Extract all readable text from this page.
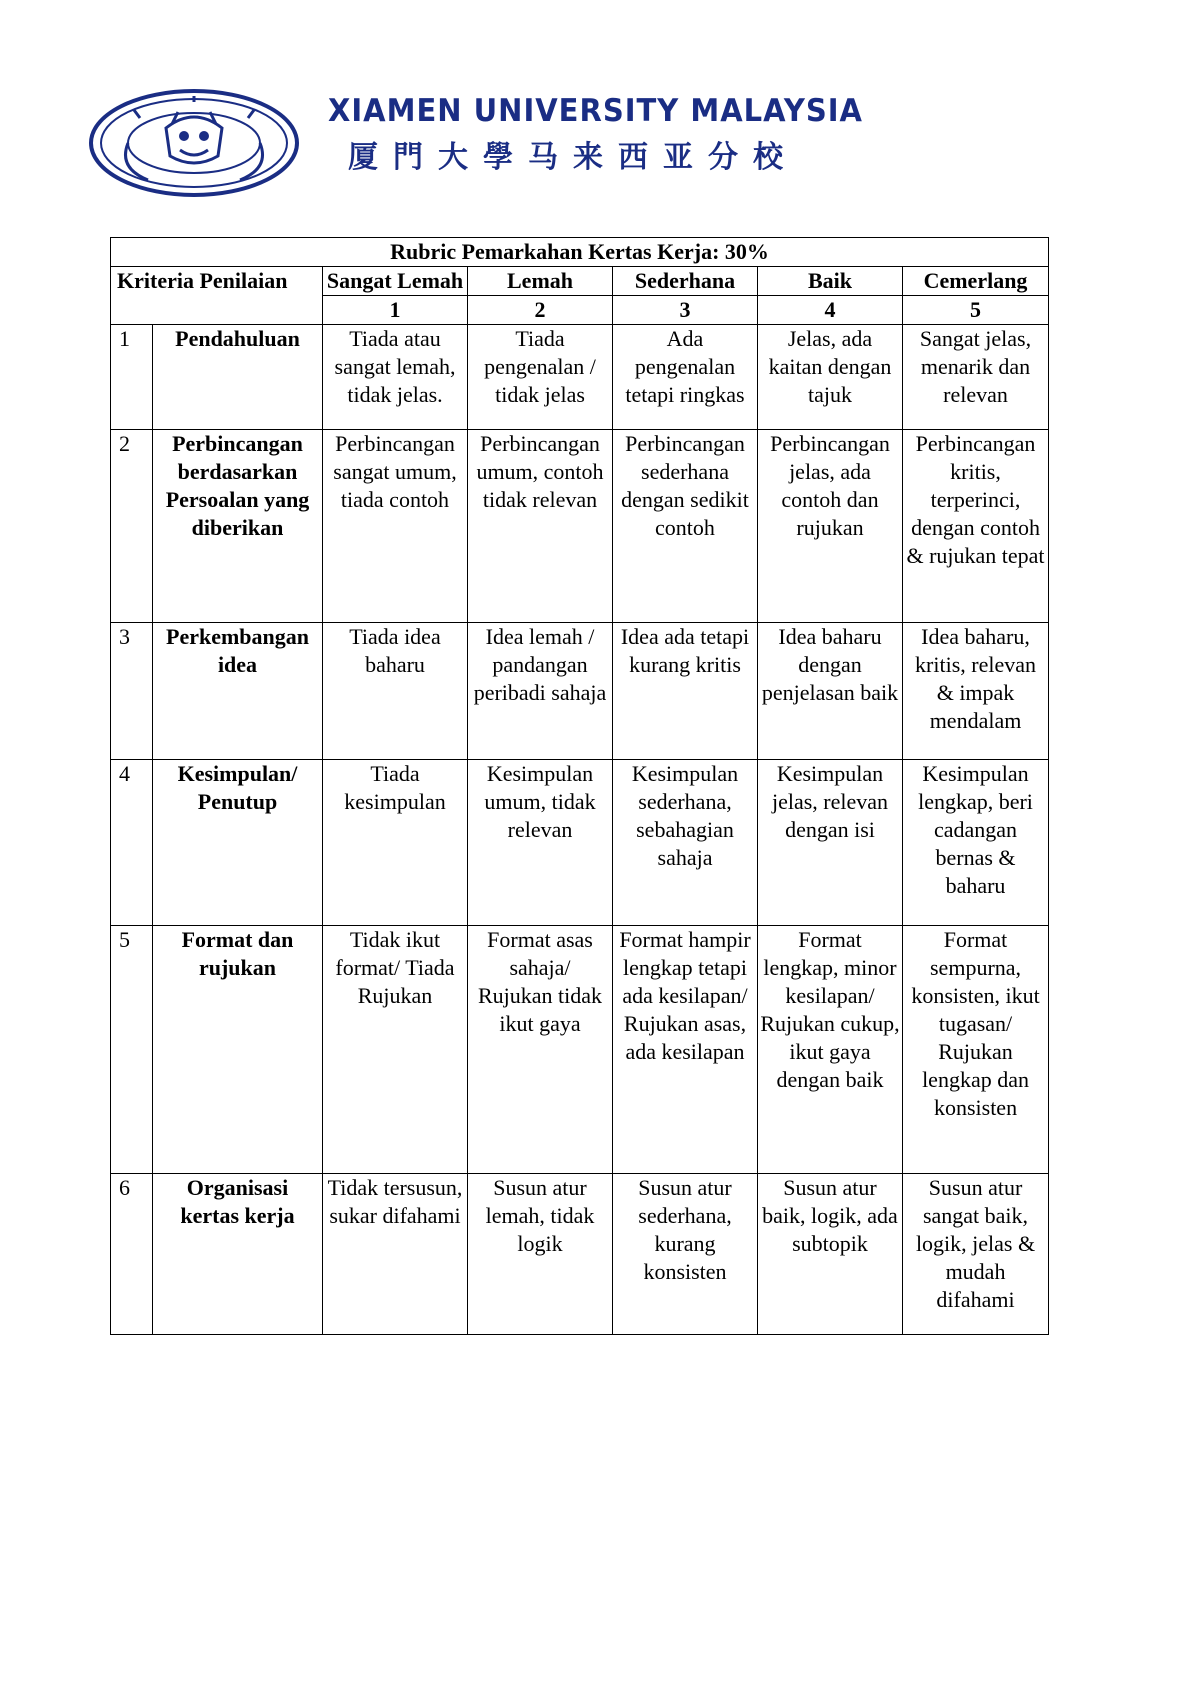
XIAMEN UNIVERSITY MALAYSIA
厦門大學马来西亚分校
Rubric Pemarkahan Kertas Kerja: 30%						
Kriteria Penilaian		Sangat Lemah	Lemah	Sederhana	Baik	Cemerlang
		1	2	3	4	5
1	Pendahuluan	Tiada atau sangat lemah, tidak jelas.	Tiada pengenalan / tidak jelas	Ada pengenalan tetapi ringkas	Jelas, ada kaitan dengan tajuk	Sangat jelas, menarik dan relevan
2	Perbincangan berdasarkan Persoalan yang diberikan	Perbincangan sangat umum, tiada contoh	Perbincangan umum, contoh tidak relevan	Perbincangan sederhana dengan sedikit contoh	Perbincangan jelas, ada contoh dan rujukan	Perbincangan kritis, terperinci, dengan contoh & rujukan tepat
3	Perkembangan idea	Tiada idea baharu	Idea lemah / pandangan peribadi sahaja	Idea ada tetapi kurang kritis	Idea baharu dengan penjelasan baik	Idea baharu, kritis, relevan & impak mendalam
4	Kesimpulan/ Penutup	Tiada kesimpulan	Kesimpulan umum, tidak relevan	Kesimpulan sederhana, sebahagian sahaja	Kesimpulan jelas, relevan dengan isi	Kesimpulan lengkap, beri cadangan bernas & baharu
5	Format dan rujukan	Tidak ikut format/ Tiada Rujukan	Format asas sahaja/ Rujukan tidak ikut gaya	Format hampir lengkap tetapi ada kesilapan/ Rujukan asas, ada kesilapan	Format lengkap, minor kesilapan/ Rujukan cukup, ikut gaya dengan baik	Format sempurna, konsisten, ikut tugasan/ Rujukan lengkap dan konsisten
6	Organisasi kertas kerja	Tidak tersusun, sukar difahami	Susun atur lemah, tidak logik	Susun atur sederhana, kurang konsisten	Susun atur baik, logik, ada subtopik	Susun atur sangat baik, logik, jelas & mudah difahami
